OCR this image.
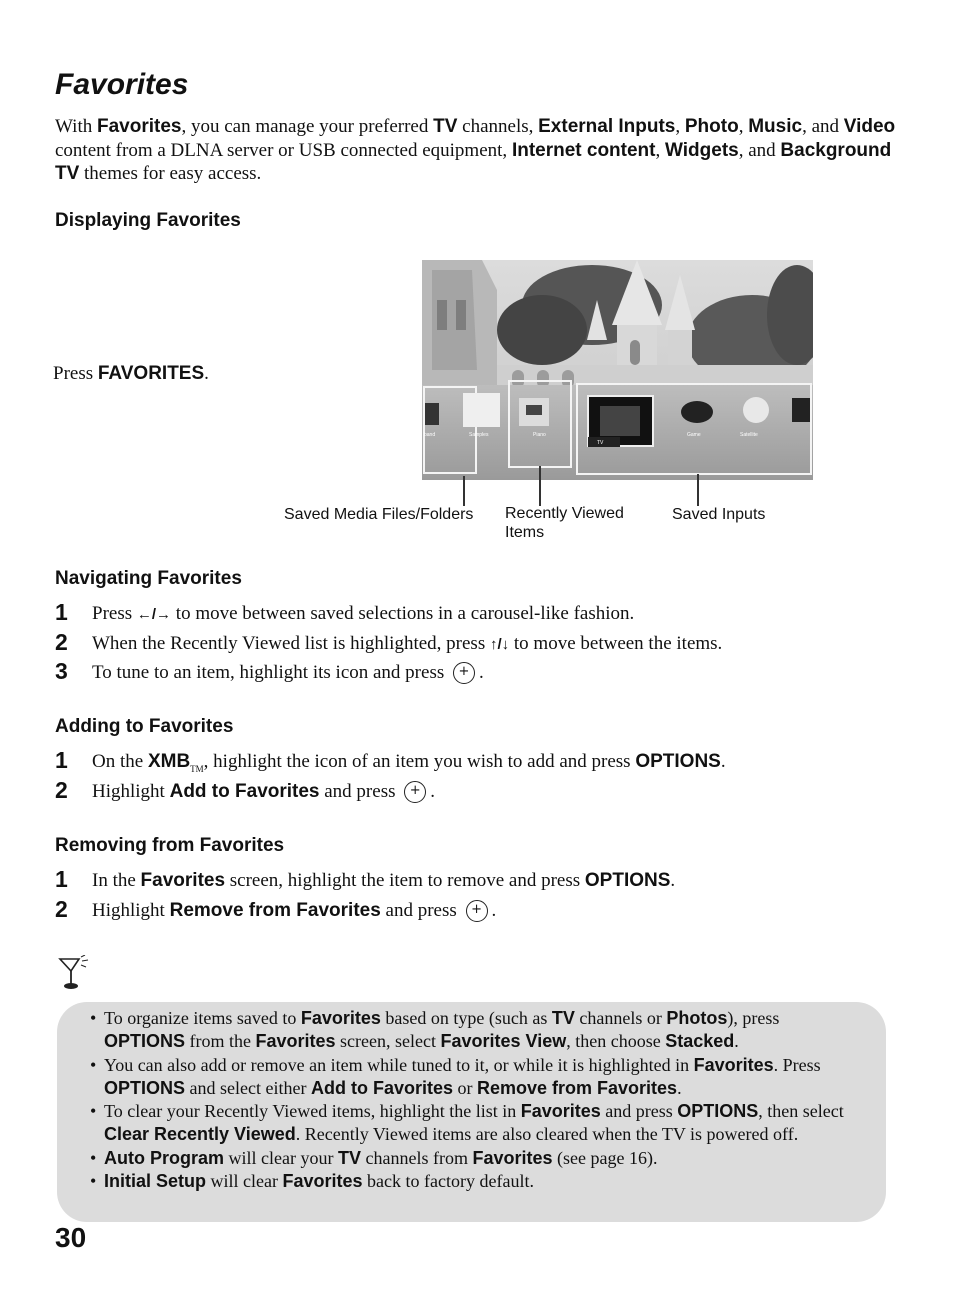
Favorites

With Favorites, you can manage your preferred TV channels, External Inputs, Photo, Music, and Video content from a DLNA server or USB connected equipment, Internet content, Widgets, and Background TV themes for easy access.

Displaying Favorites
Press FAVORITES.
band	Samples	Piano
TV
Game	Satellite
Saved Media Files/Folders Recently Viewed Items
Saved Inputs
Navigating Favorites
1 Press ←/→ to move between saved selections in a carousel-like fashion.
2 When the Recently Viewed list is highlighted, press ↑/↓ to move between the items.
3 To tune to an item, highlight its icon and press + .
Adding to Favorites
1 On the $XMB_{TM}$, highlight the icon of an item you wish to add and press OPTIONS.
2 Highlight Add to Favorites and press + .
Removing from Favorites
1 In the Favorites screen, highlight the item to remove and press OPTIONS.
2 Highlight Remove from Favorites and press + .
• To organize items saved to Favorites based on type (such as TV channels or Photos), press OPTIONS from the Favorites screen, select Favorites View, then choose Stacked.
• You can also add or remove an item while tuned to it, or while it is highlighted in Favorites. Press OPTIONS and select either Add to Favorites or Remove from Favorites.
• To clear your Recently Viewed items, highlight the list in Favorites and press OPTIONS, then select Clear Recently Viewed. Recently Viewed items are also cleared when the TV is powered off.
• Auto Program will clear your TV channels from Favorites (see page 16).
• Initial Setup will clear Favorites back to factory default.
30
